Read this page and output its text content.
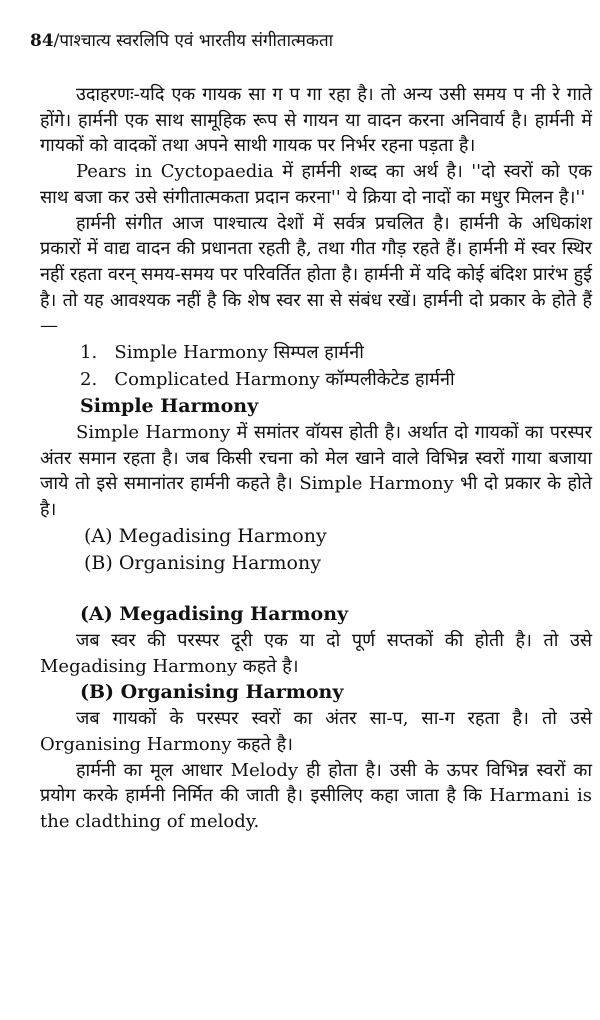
84/पाश्चात्य स्वरलिपि एवं भारतीय संगीतात्मकता

उदाहरणः-यदि एक गायक सा ग प गा रहा है। तो अन्य उसी समय प नी रे गाते होंगे। हार्मनी एक साथ सामूहिक रूप से गायन या वादन करना अनिवार्य है। हार्मनी में गायकों को वादकों तथा अपने साथी गायक पर निर्भर रहना पड़ता है।

Pears in Cyctopaedia में हार्मनी शब्द का अर्थ है। ''दो स्वरों को एक साथ बजा कर उसे संगीतात्मकता प्रदान करना'' ये क्रिया दो नादों का मधुर मिलन है।''

हार्मनी संगीत आज पाश्चात्य देशों में सर्वत्र प्रचलित है। हार्मनी के अधिकांश प्रकारों में वाद्य वादन की प्रधानता रहती है, तथा गीत गौड़ रहते हैं। हार्मनी में स्वर स्थिर नहीं रहता वरन् समय-समय पर परिवर्तित होता है। हार्मनी में यदि कोई बंदिश प्रारंभ हुई है। तो यह आवश्यक नहीं है कि शेष स्वर सा से संबंध रखें। हार्मनी दो प्रकार के होते हैं—

1. Simple Harmony सिम्पल हार्मनी

2. Complicated Harmony कॉम्पलीकेटेड हार्मनी

Simple Harmony

Simple Harmony में समांतर वॉयस होती है। अर्थात दो गायकों का परस्पर अंतर समान रहता है। जब किसी रचना को मेल खाने वाले विभिन्न स्वरों गाया बजाया जाये तो इसे समानांतर हार्मनी कहते है। Simple Harmony भी दो प्रकार के होते है।

(A) Megadising Harmony

(B) Organising Harmony

(A) Megadising Harmony

जब स्वर की परस्पर दूरी एक या दो पूर्ण सप्तकों की होती है। तो उसे Megadising Harmony कहते है।

(B) Organising Harmony

जब गायकों के परस्पर स्वरों का अंतर सा-प, सा-ग रहता है। तो उसे Organising Harmony कहते है।

हार्मनी का मूल आधार Melody ही होता है। उसी के ऊपर विभिन्न स्वरों का प्रयोग करके हार्मनी निर्मित की जाती है। इसीलिए कहा जाता है कि Harmani is the cladthing of melody.
